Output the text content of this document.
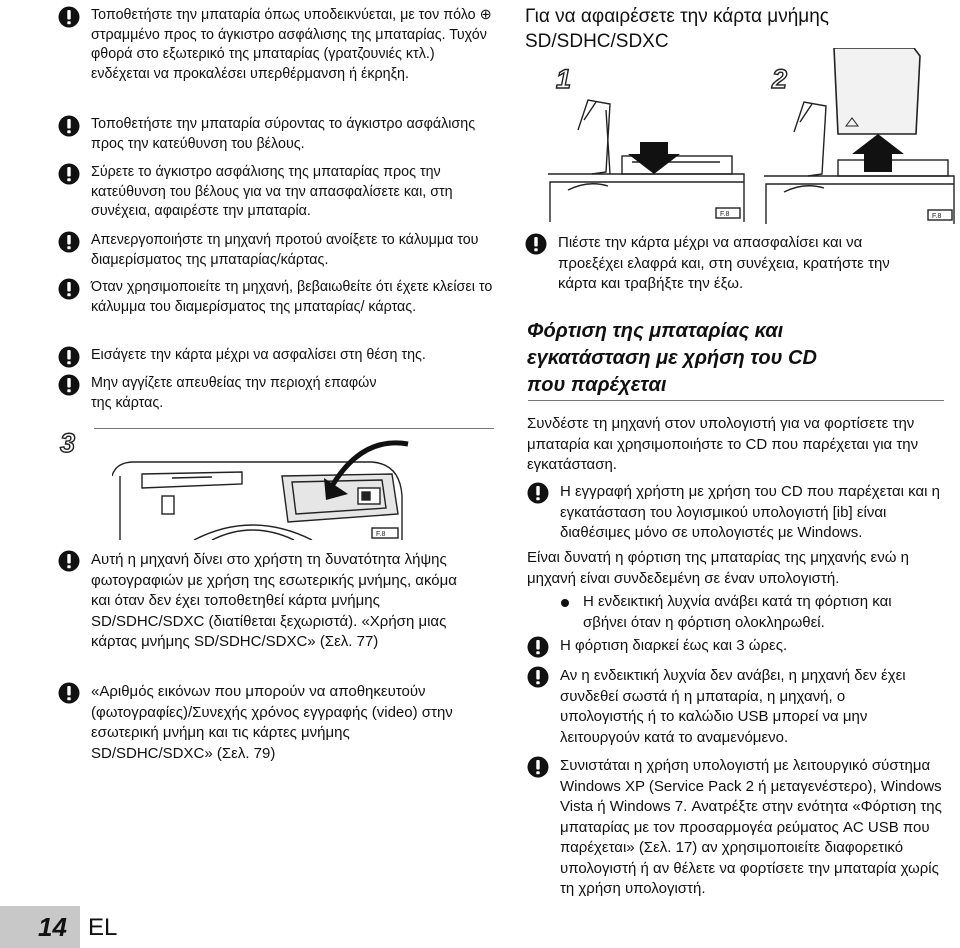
Τοποθετήστε την μπαταρία όπως υποδεικνύεται, με τον πόλο ⊕ στραμμένο προς το άγκιστρο ασφάλισης της μπαταρίας. Τυχόν φθορά στο εξωτερικό της μπαταρίας (γρατζουνιές κτλ.) ενδέχεται να προκαλέσει υπερθέρμανση ή έκρηξη.
Τοποθετήστε την μπαταρία σύροντας το άγκιστρο ασφάλισης προς την κατεύθυνση του βέλους.
Σύρετε το άγκιστρο ασφάλισης της μπαταρίας προς την κατεύθυνση του βέλους για να την απασφαλίσετε και, στη συνέχεια, αφαιρέστε την μπαταρία.
Απενεργοποιήστε τη μηχανή προτού ανοίξετε το κάλυμμα του διαμερίσματος της μπαταρίας/κάρτας.
Όταν χρησιμοποιείτε τη μηχανή, βεβαιωθείτε ότι έχετε κλείσει το κάλυμμα του διαμερίσματος της μπαταρίας/ κάρτας.
Εισάγετε την κάρτα μέχρι να ασφαλίσει στη θέση της.
Μην αγγίζετε απευθείας την περιοχή επαφών της κάρτας.
3
F.8
Αυτή η μηχανή δίνει στο χρήστη τη δυνατότητα λήψης φωτογραφιών με χρήση της εσωτερικής μνήμης, ακόμα και όταν δεν έχει τοποθετηθεί κάρτα μνήμης SD/SDHC/SDXC (διατίθεται ξεχωριστά). «Χρήση μιας κάρτας μνήμης SD/SDHC/SDXC» (Σελ. 77)
«Αριθμός εικόνων που μπορούν να αποθηκευτούν (φωτογραφίες)/Συνεχής χρόνος εγγραφής (video) στην εσωτερική μνήμη και τις κάρτες μνήμης SD/SDHC/SDXC» (Σελ. 79)
14 EL
Για να αφαιρέσετε την κάρτα μνήμης SD/SDHC/SDXC
1	2
F.8	F.8
Πιέστε την κάρτα μέχρι να απασφαλίσει και να προεξέχει ελαφρά και, στη συνέχεια, κρατήστε την κάρτα και τραβήξτε την έξω.
Φόρτιση της μπαταρίας και εγκατάσταση με χρήση του CD που παρέχεται
Συνδέστε τη μηχανή στον υπολογιστή για να φορτίσετε την μπαταρία και χρησιμοποιήστε το CD που παρέχεται για την εγκατάσταση.
Η εγγραφή χρήστη με χρήση του CD που παρέχεται και η εγκατάσταση του λογισμικού υπολογιστή [ib] είναι διαθέσιμες μόνο σε υπολογιστές με Windows.
Είναι δυνατή η φόρτιση της μπαταρίας της μηχανής ενώ η μηχανή είναι συνδεδεμένη σε έναν υπολογιστή.
Η ενδεικτική λυχνία ανάβει κατά τη φόρτιση και σβήνει όταν η φόρτιση ολοκληρωθεί.
Η φόρτιση διαρκεί έως και 3 ώρες.
Αν η ενδεικτική λυχνία δεν ανάβει, η μηχανή δεν έχει συνδεθεί σωστά ή η μπαταρία, η μηχανή, ο υπολογιστής ή το καλώδιο USB μπορεί να μην λειτουργούν κατά το αναμενόμενο.
Συνιστάται η χρήση υπολογιστή με λειτουργικό σύστημα Windows XP (Service Pack 2 ή μεταγενέστερο), Windows Vista ή Windows 7. Ανατρέξτε στην ενότητα «Φόρτιση της μπαταρίας με τον προσαρμογέα ρεύματος AC USB που παρέχεται» (Σελ. 17) αν χρησιμοποιείτε διαφορετικό υπολογιστή ή αν θέλετε να φορτίσετε την μπαταρία χωρίς τη χρήση υπολογιστή.
